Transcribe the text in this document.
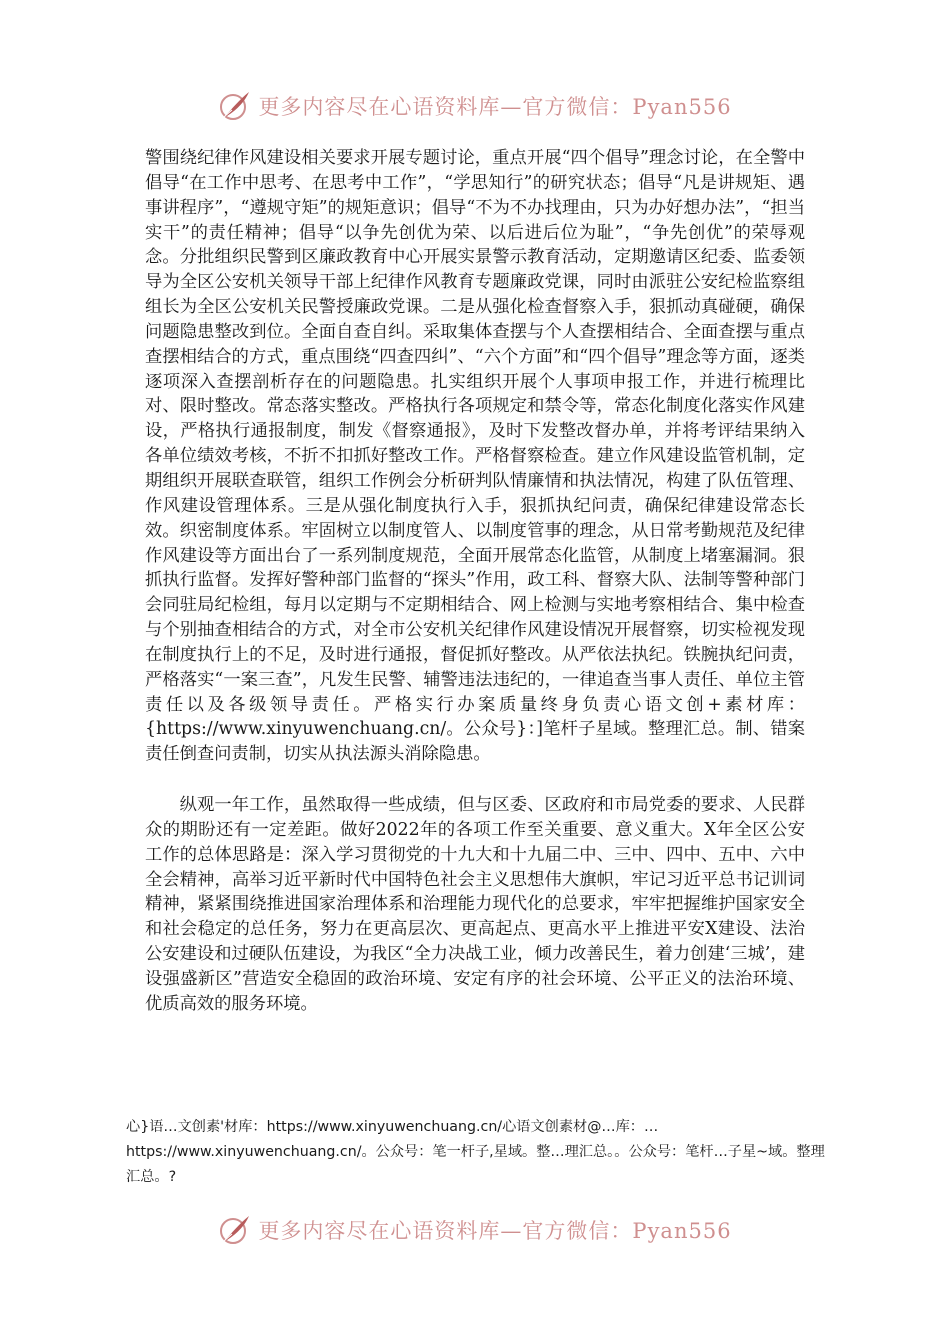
更多内容尽在心语资料库—官方微信：Pyan556

警围绕纪律作风建设相关要求开展专题讨论，重点开展“四个倡导”理念讨论，在全警中倡导“在工作中思考、在思考中工作”，“学思知行”的研究状态；倡导“凡是讲规矩、遇事讲程序”，“遵规守矩”的规矩意识；倡导“不为不办找理由，只为办好想办法”，“担当实干”的责任精神；倡导“以争先创优为荣、以后进后位为耻”，“争先创优”的荣辱观念。分批组织民警到区廉政教育中心开展实景警示教育活动，定期邀请区纪委、监委领导为全区公安机关领导干部上纪律作风教育专题廉政党课，同时由派驻公安纪检监察组组长为全区公安机关民警授廉政党课。二是从强化检查督察入手，狠抓动真碰硬，确保问题隐患整改到位。全面自查自纠。采取集体查摆与个人查摆相结合、全面查摆与重点查摆相结合的方式，重点围绕“四查四纠”、“六个方面”和“四个倡导”理念等方面，逐类逐项深入查摆剖析存在的问题隐患。扎实组织开展个人事项申报工作，并进行梳理比对、限时整改。常态落实整改。严格执行各项规定和禁令等，常态化制度化落实作风建设，严格执行通报制度，制发《督察通报》，及时下发整改督办单，并将考评结果纳入各单位绩效考核，不折不扣抓好整改工作。严格督察检查。建立作风建设监管机制，定期组织开展联查联管，组织工作例会分析研判队情廉情和执法情况，构建了队伍管理、作风建设管理体系。三是从强化制度执行入手，狠抓执纪问责，确保纪律建设常态长效。织密制度体系。牢固树立以制度管人、以制度管事的理念，从日常考勤规范及纪律作风建设等方面出台了一系列制度规范，全面开展常态化监管，从制度上堵塞漏洞。狠抓执行监督。发挥好警种部门监督的“探头”作用，政工科、督察大队、法制等警种部门会同驻局纪检组，每月以定期与不定期相结合、网上检测与实地考察相结合、集中检查与个别抽查相结合的方式，对全市公安机关纪律作风建设情况开展督察，切实检视发现在制度执行上的不足，及时进行通报，督促抓好整改。从严依法执纪。铁腕执纪问责，严格落实“一案三查”，凡发生民警、辅警违法违纪的，一律追查当事人责任、单位主管责任以及各级领导责任。严格实行办案质量终身负责心语文创+素材库：{https://www.xinyuwenchuang.cn/。公众号}：]笔杆子星域。整理汇总。制、错案责任倒查问责制，切实从执法源头消除隐患。

纵观一年工作，虽然取得一些成绩，但与区委、区政府和市局党委的要求、人民群众的期盼还有一定差距。做好2022年的各项工作至关重要、意义重大。X年全区公安工作的总体思路是：深入学习贯彻党的十九大和十九届二中、三中、四中、五中、六中全会精神，高举习近平新时代中国特色社会主义思想伟大旗帜，牢记习近平总书记训词精神，紧紧围绕推进国家治理体系和治理能力现代化的总要求，牢牢把握维护国家安全和社会稳定的总任务，努力在更高层次、更高起点、更高水平上推进平安X建设、法治公安建设和过硬队伍建设，为我区“全力决战工业，倾力改善民生，着力创建‘三城’，建设强盛新区”营造安全稳固的政治环境、安定有序的社会环境、公平正义的法治环境、优质高效的服务环境。

心}语…文创素'材库：https://www.xinyuwenchuang.cn/心语文创素材@…库：…https://www.xinyuwenchuang.cn/。公众号：笔一杆子,星域。整…理汇总。。公众号：笔杆…子星~域。整理汇总。?
更多内容尽在心语资料库—官方微信：Pyan556
